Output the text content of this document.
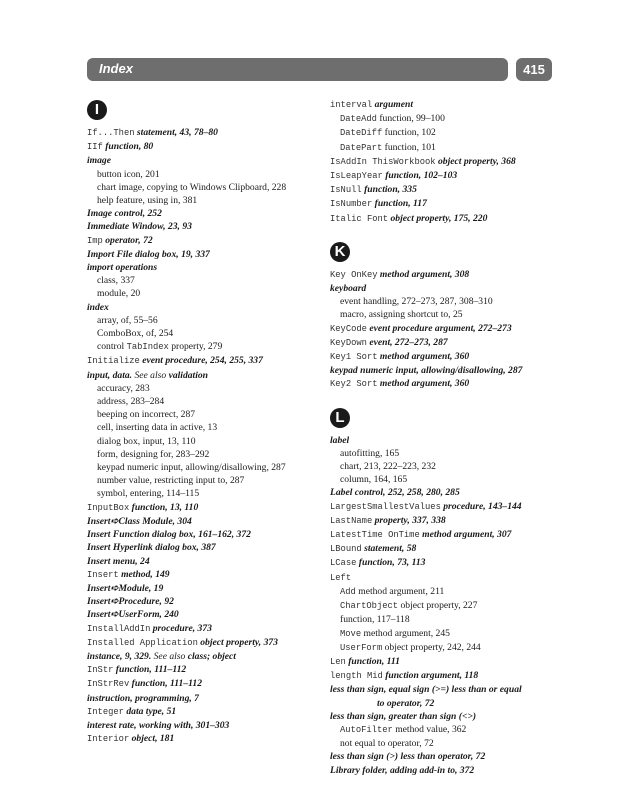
Index	415
I
If...Then statement, 43, 78–80
IIf function, 80
image
button icon, 201
chart image, copying to Windows Clipboard, 228
help feature, using in, 381
Image control, 252
Immediate Window, 23, 93
Imp operator, 72
Import File dialog box, 19, 337
import operations
class, 337
module, 20
index
array, of, 55–56
ComboBox, of, 254
control TabIndex property, 279
Initialize event procedure, 254, 255, 337
input, data. See also validation
accuracy, 283
address, 283–284
beeping on incorrect, 287
cell, inserting data in active, 13
dialog box, input, 13, 110
form, designing for, 283–292
keypad numeric input, allowing/disallowing, 287
number value, restricting input to, 287
symbol, entering, 114–115
InputBox function, 13, 110
Insert➪Class Module, 304
Insert Function dialog box, 161–162, 372
Insert Hyperlink dialog box, 387
Insert menu, 24
Insert method, 149
Insert➪Module, 19
Insert➪Procedure, 92
Insert➪UserForm, 240
InstallAddIn procedure, 373
Installed Application object property, 373
instance, 9, 329. See also class; object
InStr function, 111–112
InStrRev function, 111–112
instruction, programming, 7
Integer data type, 51
interest rate, working with, 301–303
Interior object, 181
interval argument
DateAdd function, 99–100
DateDiff function, 102
DatePart function, 101
IsAddIn ThisWorkbook object property, 368
IsLeapYear function, 102–103
IsNull function, 335
IsNumber function, 117
Italic Font object property, 175, 220
K
Key OnKey method argument, 308
keyboard
event handling, 272–273, 287, 308–310
macro, assigning shortcut to, 25
KeyCode event procedure argument, 272–273
KeyDown event, 272–273, 287
Key1 Sort method argument, 360
keypad numeric input, allowing/disallowing, 287
Key2 Sort method argument, 360
L
label
autofitting, 165
chart, 213, 222–223, 232
column, 164, 165
Label control, 252, 258, 280, 285
LargestSmallestValues procedure, 143–144
LastName property, 337, 338
LatestTime OnTime method argument, 307
LBound statement, 58
LCase function, 73, 113
Left
Add method argument, 211
ChartObject object property, 227
function, 117–118
Move method argument, 245
UserForm object property, 242, 244
Len function, 111
length Mid function argument, 118
less than sign, equal sign (>=) less than or equal
to operator, 72
less than sign, greater than sign (<>)
AutoFilter method value, 362
not equal to operator, 72
less than sign (>) less than operator, 72
Library folder, adding add-in to, 372
